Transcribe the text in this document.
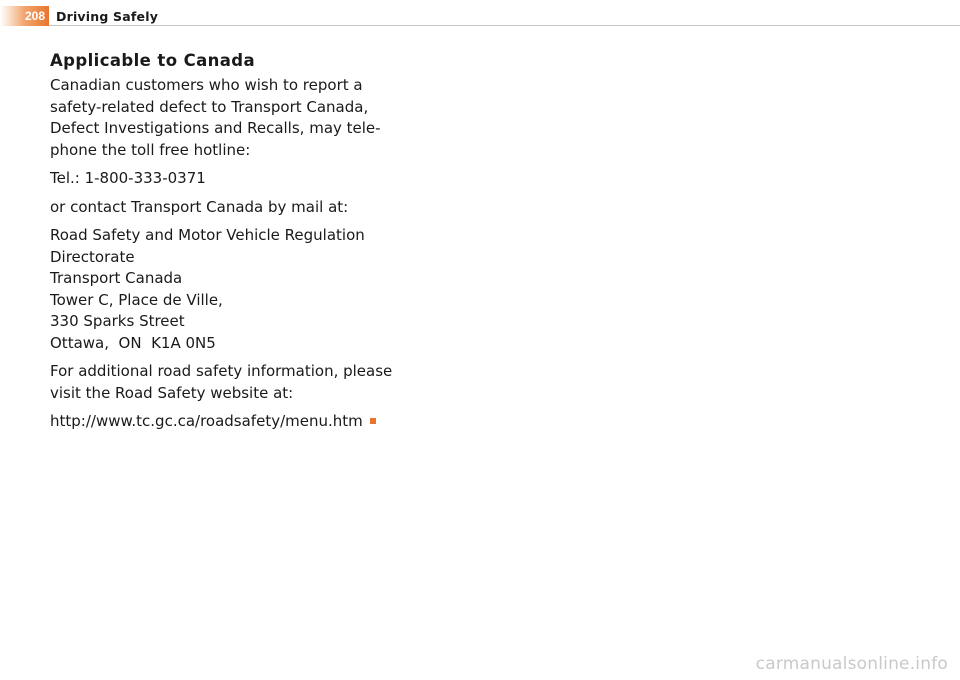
208 Driving Safely
Applicable to Canada
Canadian customers who wish to report a
safety-related defect to Transport Canada,
Defect Investigations and Recalls, may tele-
phone the toll free hotline:
Tel.: 1-800-333-0371
or contact Transport Canada by mail at:
Road Safety and Motor Vehicle Regulation
Directorate
Transport Canada
Tower C, Place de Ville,
330 Sparks Street
Ottawa,  ON  K1A 0N5
For additional road safety information, please
visit the Road Safety website at:
http://www.tc.gc.ca/roadsafety/menu.htm
carmanualsonline.info
